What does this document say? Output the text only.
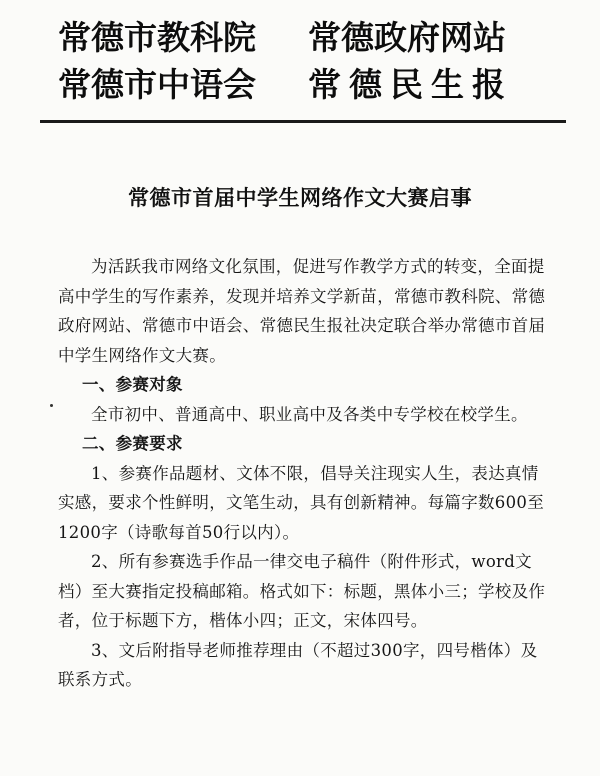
常德市教科院	常德政府网站
常德市中语会	常德民生报
常德市首届中学生网络作文大赛启事

为活跃我市网络文化氛围，促进写作教学方式的转变，全面提高中学生的写作素养，发现并培养文学新苗，常德市教科院、常德政府网站、常德市中语会、常德民生报社决定联合举办常德市首届中学生网络作文大赛。

一、参赛对象

全市初中、普通高中、职业高中及各类中专学校在校学生。

二、参赛要求

1、参赛作品题材、文体不限，倡导关注现实人生，表达真情实感，要求个性鲜明，文笔生动，具有创新精神。每篇字数600至1200字（诗歌每首50行以内）。

2、所有参赛选手作品一律交电子稿件（附件形式，word文档）至大赛指定投稿邮箱。格式如下：标题，黑体小三；学校及作者，位于标题下方，楷体小四；正文，宋体四号。

3、文后附指导老师推荐理由（不超过300字，四号楷体）及联系方式。
